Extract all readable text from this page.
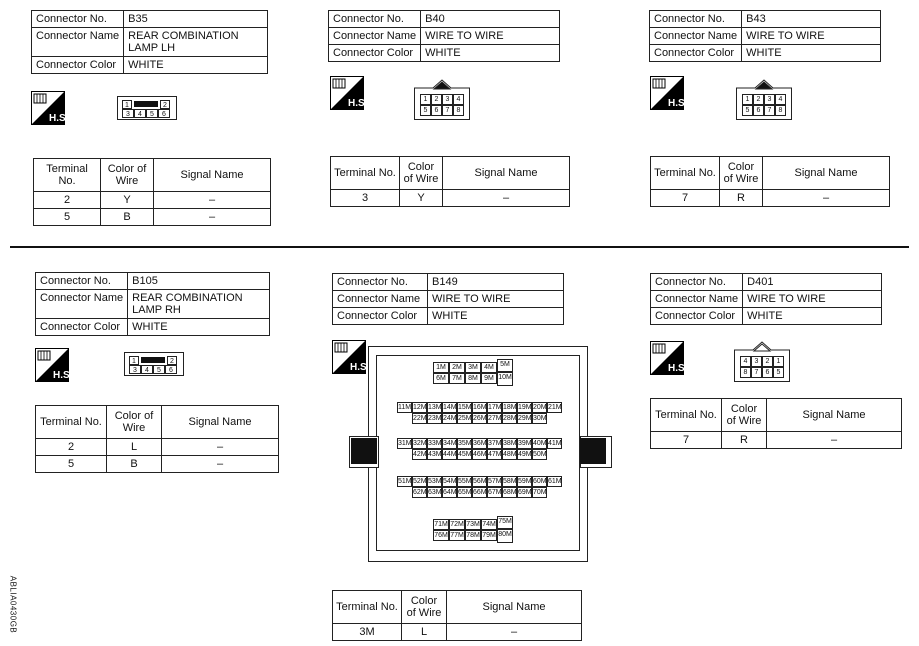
Connector No.	B35
Connector Name	REAR COMBINATION LAMP LH
Connector Color	WHITE
H.S.
1	2
3	4	5	6
Terminal No.	Color of Wire	Signal Name
2	Y	–
5	B	–
Connector No.	B40
Connector Name	WIRE TO WIRE
Connector Color	WHITE
H.S.	1	2	3	4
5	6	7	8
Terminal No.	Color of Wire	Signal Name
3	Y	–
Connector No.	B43
Connector Name	WIRE TO WIRE
Connector Color	WHITE
H.S.	1	2	3	4
5	6	7	8
Terminal No.	Color of Wire	Signal Name
7	R	–
Connector No.	B105
Connector Name	REAR COMBINATION LAMP RH
Connector Color	WHITE
H.S.
1	2
3	4	5	6
Terminal No.	Color of Wire	Signal Name
2	L	–
5	B	–
Connector No.	B149
Connector Name	WIRE TO WIRE
Connector Color	WHITE
H.S.	1M 2M 3M 4M
6M 7M 8M 9M
5M
10M
11M 12M 13M 14M 15M 16M 17M 18M 19M 20M 21M
22M 23M 24M 25M 26M 27M 28M 29M 30M
31M 32M 33M 34M 35M 36M 37M 38M 39M 40M 41M
42M 43M 44M 45M 46M 47M 48M 49M 50M
51M 52M 53M 54M 55M 56M 57M 58M 59M 60M 61M
62M 63M 64M 65M 66M 67M 68M 69M 70M
71M 72M 73M 74M
76M 77M 78M 79M
75M
80M
Terminal No.	Color of Wire	Signal Name
3M	L	–
Connector No.	D401
Connector Name	WIRE TO WIRE
Connector Color	WHITE
H.S.
4	3	2	1
8	7	6	5
Terminal No.	Color of Wire	Signal Name
7	R	–
ABLIA0430GB
